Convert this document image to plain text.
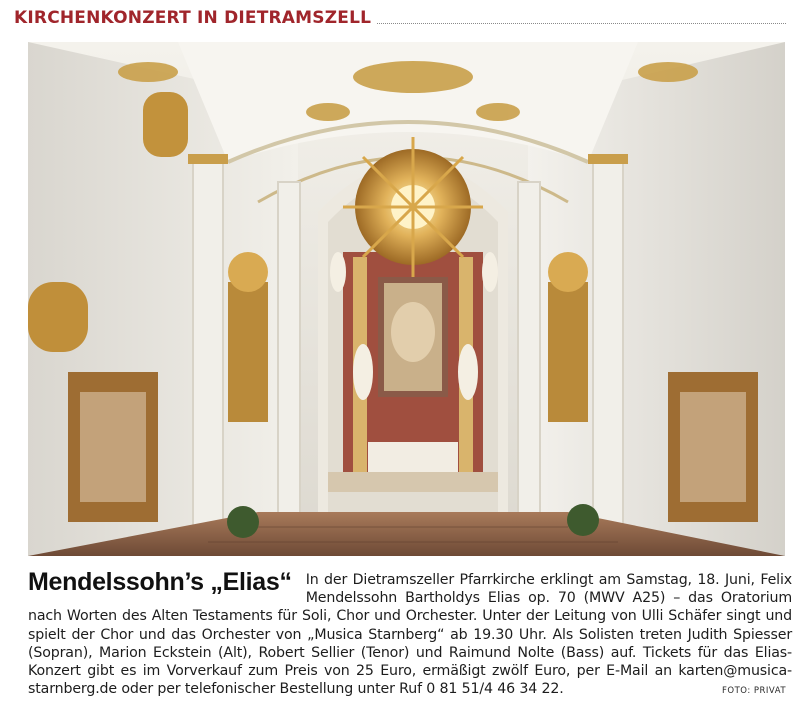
KIRCHENKONZERT IN DIETRAMSZELL
Mendelssohn’s „Elias“ In der Dietramszeller Pfarrkirche erklingt am Samstag, 18. Juni, Felix Mendelssohn Bartholdys Elias op. 70 (MWV A25) – das Oratorium nach Worten des Alten Testaments für Soli, Chor und Orchester. Unter der Leitung von Ulli Schäfer singt und spielt der Chor und das Orchester von „Musica Starnberg“ ab 19.30 Uhr. Als Solisten treten Judith Spiesser (Sopran), Marion Eckstein (Alt), Robert Sellier (Tenor) und Raimund Nolte (Bass) auf. Tickets für das Elias-Konzert gibt es im Vorverkauf zum Preis von 25 Euro, ermäßigt zwölf Euro, per E-Mail an karten@musica-starnberg.de oder per telefonischer Bestellung unter Ruf 0 81 51/4 46 34 22.	FOTO: PRIVAT
